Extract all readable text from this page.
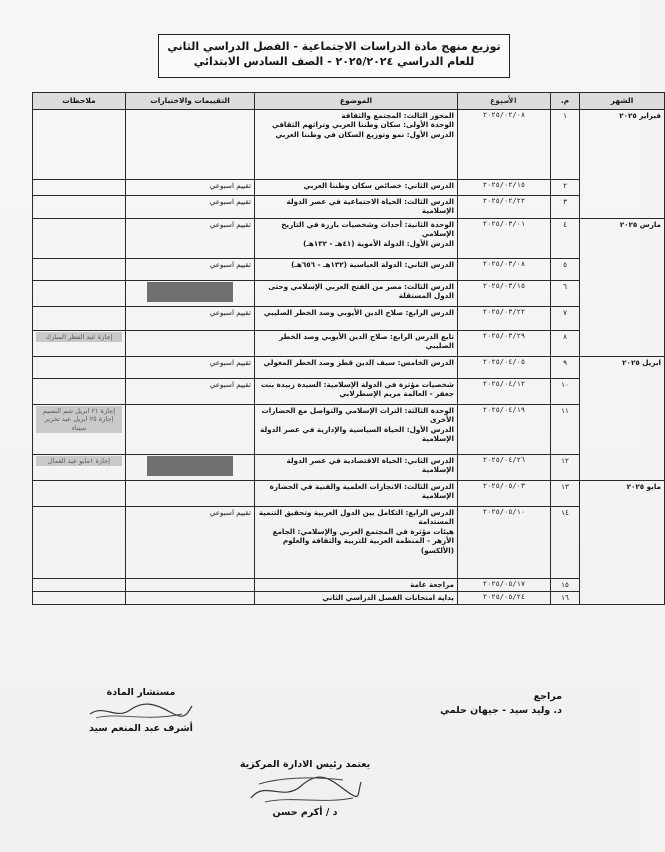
توزيع منهج مادة الدراسات الاجتماعية - الفصل الدراسي الثاني
للعام الدراسي ٢٠٢٥/٢٠٢٤ - الصف السادس الابتدائي
الشهر	م.	الأسبوع	الموضوع	التقييمات والاختبارات	ملاحظات
فبراير ٢٠٢٥	١	٢٠٢٥/٠٢/٠٨	المحور الثالث: المجتمع والثقافة
الوحدة الأولى: سكان وطننا العربي وتراثهم الثقافي
الدرس الأول: نمو وتوزيع السكان في وطننا العربي		

	٢	٢٠٢٥/٠٢/١٥	الدرس الثاني: خصائص سكان وطننا العربي	تقييم اسبوعي	
	٣	٢٠٢٥/٠٢/٢٢	الدرس الثالث: الحياة الاجتماعية في عصر الدولة الإسلامية	تقييم اسبوعي	
مارس ٢٠٢٥	٤	٢٠٢٥/٠٣/٠١	الوحدة الثانية: أحداث وشخصيات بارزة في التاريخ الإسلامي
الدرس الأول: الدولة الأموية (٤١هـ - ١٣٢هـ)	تقييم اسبوعي	
	٥	٢٠٢٥/٠٣/٠٨	الدرس الثاني: الدولة العباسية (١٣٢هـ - ٦٥٦هـ)	تقييم اسبوعي	
	٦	٢٠٢٥/٠٣/١٥	الدرس الثالث: مصر من الفتح العربي الإسلامي وحتى الدول المستقلة		

	٧	٢٠٢٥/٠٣/٢٢	الدرس الرابع: صلاح الدين الأيوبي وصد الخطر الصليبي	تقييم اسبوعي	
	٨	٢٠٢٥/٠٣/٢٩	تابع الدرس الرابع: صلاح الدين الأيوبي وصد الخطر الصليبي		إجازة عيد الفطر المبارك

ابريل ٢٠٢٥	٩	٢٠٢٥/٠٤/٠٥	الدرس الخامس: سيف الدين قطز وصد الخطر المغولي	تقييم اسبوعي	
	١٠	٢٠٢٥/٠٤/١٢	شخصيات مؤثرة في الدولة الإسلامية: السيدة زبيدة بنت جعفر - العالمة مريم الإسطرلابي	تقييم اسبوعي	
	١١	٢٠٢٥/٠٤/١٩	الوحدة الثالثة: التراث الإسلامي والتواصل مع الحضارات الأخرى
الدرس الأول: الحياة السياسية والإدارية في عصر الدولة الإسلامية		إجازة ٢١ ابريل شم النسيم إجازة ٢٥ ابريل عيد تحرير سيناء

	١٢	٢٠٢٥/٠٤/٢٦	الدرس الثاني: الحياة الاقتصادية في عصر الدولة الإسلامية		إجازة ١مايو عيد العمال

مايو ٢٠٢٥	١٣	٢٠٢٥/٠٥/٠٣	الدرس الثالث: الانجازات العلمية والفنية في الحضارة الإسلامية		

	١٤	٢٠٢٥/٠٥/١٠	الدرس الرابع: التكامل بين الدول العربية وتحقيق التنمية المستدامة
هيئات مؤثرة في المجتمع العربي والإسلامي: الجامع الأزهر - المنظمة العربية للتربية والثقافة والعلوم (الألكسو)	تقييم اسبوعي	
	١٥	٢٠٢٥/٠٥/١٧	مراجعة عامة		

	١٦	٢٠٢٥/٠٥/٢٤	بداية امتحانات الفصل الدراسي الثاني		

مراجع
د. وليد سيد - جيهان حلمي
مستشار المادة
أشرف عبد المنعم سيد
يعتمد رئيس الادارة المركزية
د / أكرم حسن
